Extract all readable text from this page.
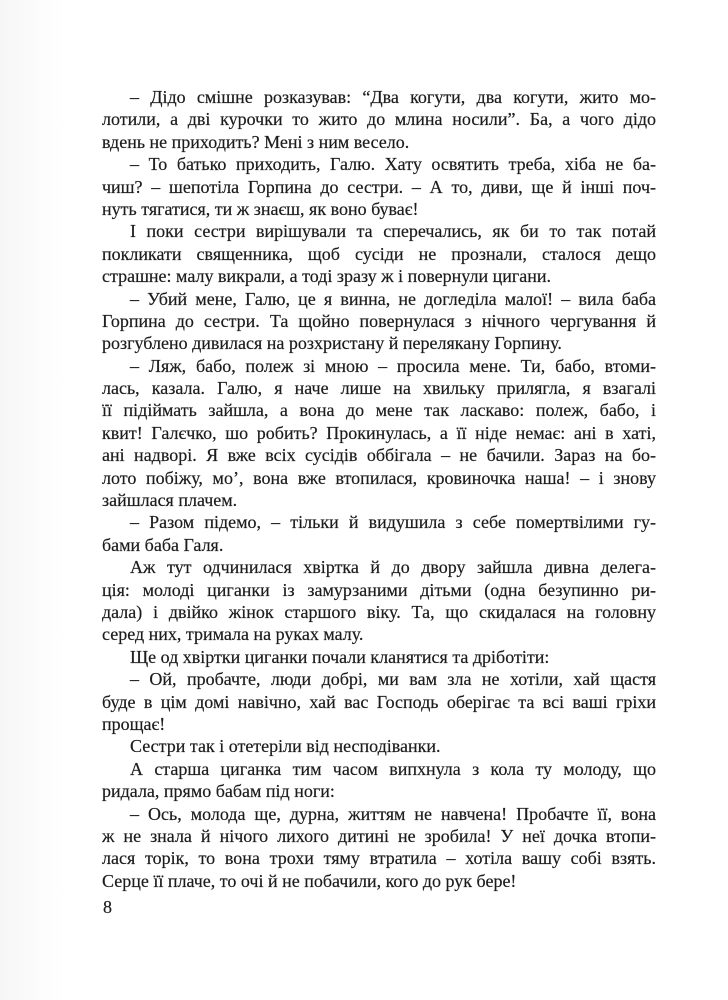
– Дідо смішне розказував: “Два когути, два когути, жито мо-
лотили, а дві курочки то жито до млина носили”. Ба, а чого дідо
вдень не приходить? Мені з ним весело.
– То батько приходить, Галю. Хату освятить треба, хіба не ба-
чиш? – шепотіла Горпина до сестри. – А то, диви, ще й інші поч-
нуть тягатися, ти ж знаєш, як воно буває!
І поки сестри вирішували та сперечались, як би то так потай
покликати священника, щоб сусіди не прознали, сталося дещо
страшне: малу викрали, а тоді зразу ж і повернули цигани.
– Убий мене, Галю, це я винна, не догледіла малої! – вила баба
Горпина до сестри. Та щойно повернулася з нічного чергування й
розгублено дивилася на розхристану й перелякану Горпину.
– Ляж, бабо, полеж зі мною – просила мене. Ти, бабо, втоми-
лась, казала. Галю, я наче лише на хвильку прилягла, я взагалі
її підіймать зайшла, а вона до мене так ласкаво: полеж, бабо, і
квит! Галєчко, шо робить? Прокинулась, а її ніде немає: ані в хаті,
ані надворі. Я вже всіх сусідів оббігала – не бачили. Зараз на бо-
лото побіжу, мо’, вона вже втопилася, кровиночка наша! – і знову
зайшлася плачем.
– Разом підемо, – тільки й видушила з себе помертвілими гу-
бами баба Галя.
Аж тут одчинилася хвіртка й до двору зайшла дивна делега-
ція: молоді циганки із замурзаними дітьми (одна безупинно ри-
дала) і двійко жінок старшого віку. Та, що скидалася на головну
серед них, тримала на руках малу.
Ще од хвіртки циганки почали кланятися та дріботіти:
– Ой, пробачте, люди добрі, ми вам зла не хотіли, хай щастя
буде в цім домі навічно, хай вас Господь оберігає та всі ваші гріхи
прощає!
Сестри так і отетеріли від несподіванки.
А старша циганка тим часом випхнула з кола ту молоду, що
ридала, прямо бабам під ноги:
– Ось, молода ще, дурна, життям не навчена! Пробачте її, вона
ж не знала й нічого лихого дитині не зробила! У неї дочка втопи-
лася торік, то вона трохи тяму втратила – хотіла вашу собі взять.
Серце її плаче, то очі й не побачили, кого до рук бере!
8
